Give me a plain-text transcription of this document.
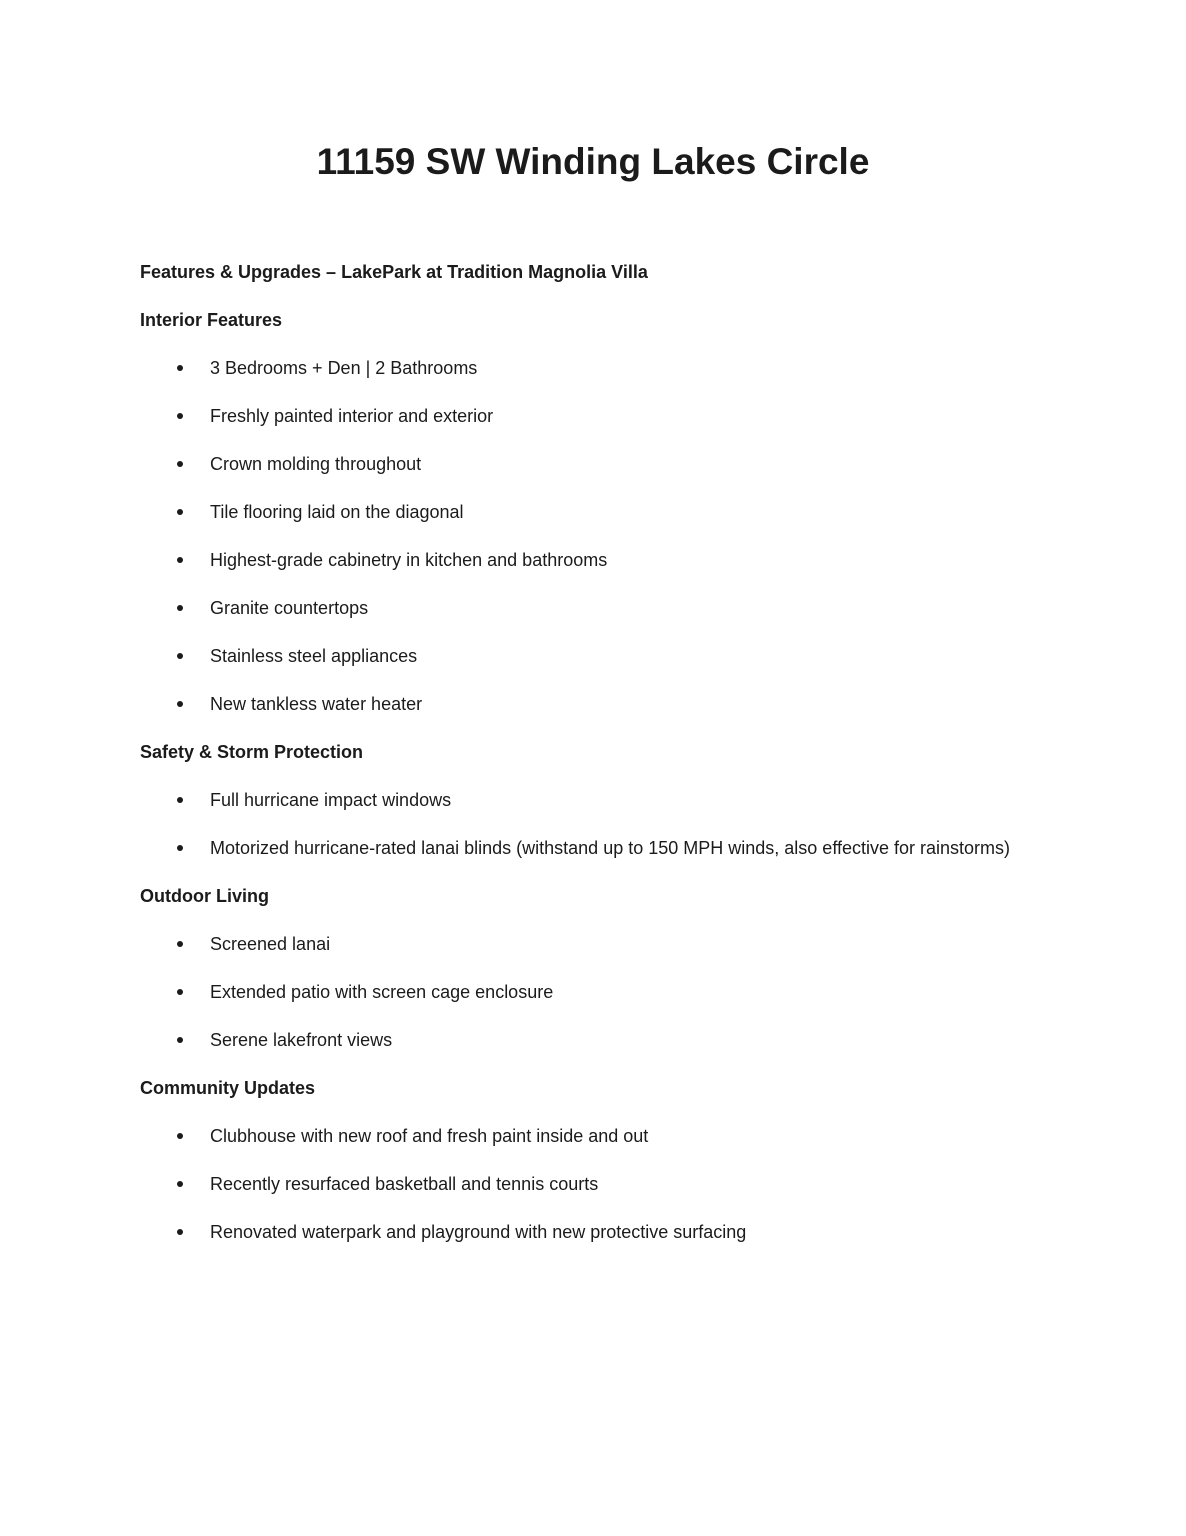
11159 SW Winding Lakes Circle
Features & Upgrades – LakePark at Tradition Magnolia Villa
Interior Features
3 Bedrooms + Den | 2 Bathrooms
Freshly painted interior and exterior
Crown molding throughout
Tile flooring laid on the diagonal
Highest-grade cabinetry in kitchen and bathrooms
Granite countertops
Stainless steel appliances
New tankless water heater
Safety & Storm Protection
Full hurricane impact windows
Motorized hurricane-rated lanai blinds (withstand up to 150 MPH winds, also effective for rainstorms)
Outdoor Living
Screened lanai
Extended patio with screen cage enclosure
Serene lakefront views
Community Updates
Clubhouse with new roof and fresh paint inside and out
Recently resurfaced basketball and tennis courts
Renovated waterpark and playground with new protective surfacing
